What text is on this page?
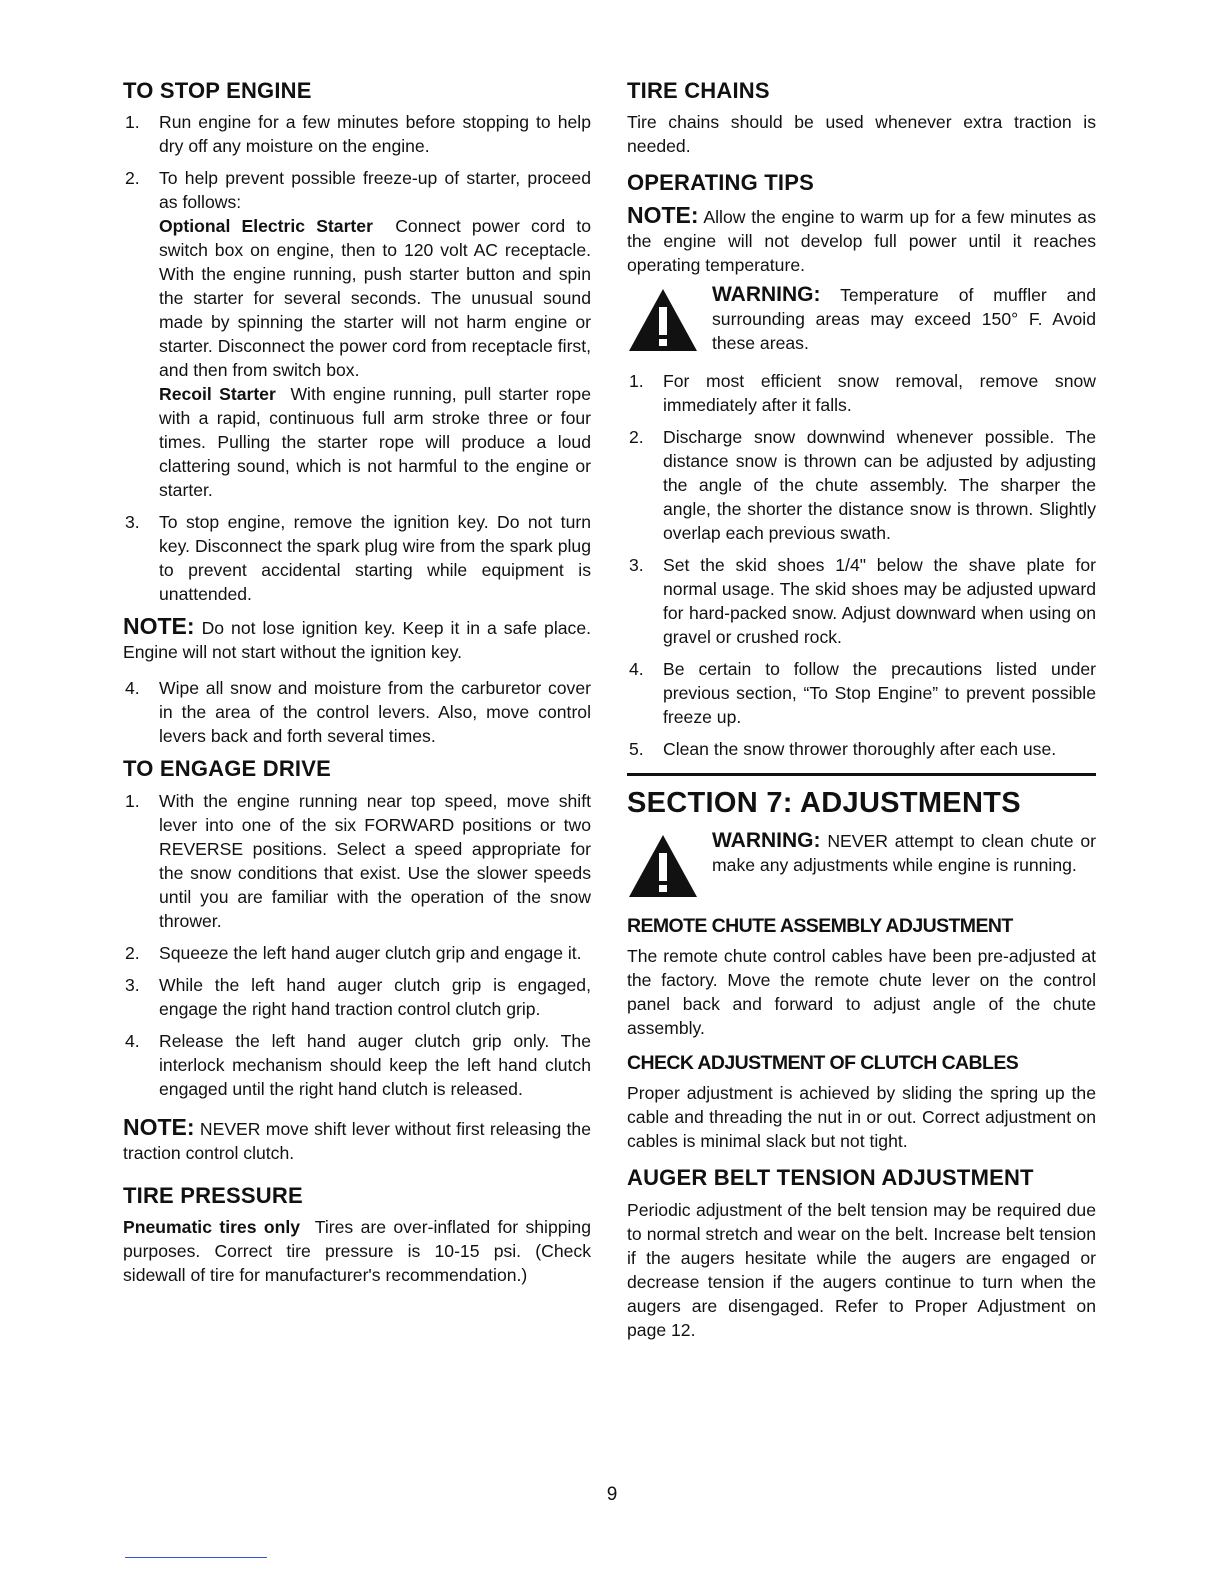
TO STOP ENGINE
1. Run engine for a few minutes before stopping to help dry off any moisture on the engine.
2. To help prevent possible freeze-up of starter, proceed as follows:
Optional Electric Starter Connect power cord to switch box on engine, then to 120 volt AC receptacle. With the engine running, push starter button and spin the starter for several seconds. The unusual sound made by spinning the starter will not harm engine or starter. Disconnect the power cord from receptacle first, and then from switch box.
Recoil Starter With engine running, pull starter rope with a rapid, continuous full arm stroke three or four times. Pulling the starter rope will produce a loud clattering sound, which is not harmful to the engine or starter.
3. To stop engine, remove the ignition key. Do not turn key. Disconnect the spark plug wire from the spark plug to prevent accidental starting while equipment is unattended.

NOTE: Do not lose ignition key. Keep it in a safe place. Engine will not start without the ignition key.

4. Wipe all snow and moisture from the carburetor cover in the area of the control levers. Also, move control levers back and forth several times.
TO ENGAGE DRIVE
1. With the engine running near top speed, move shift lever into one of the six FORWARD positions or two REVERSE positions. Select a speed appropriate for the snow conditions that exist. Use the slower speeds until you are familiar with the operation of the snow thrower.
2. Squeeze the left hand auger clutch grip and engage it.
3. While the left hand auger clutch grip is engaged, engage the right hand traction control clutch grip.
4. Release the left hand auger clutch grip only. The interlock mechanism should keep the left hand clutch engaged until the right hand clutch is released.

NOTE: NEVER move shift lever without first releasing the traction control clutch.

TIRE PRESSURE

Pneumatic tires only Tires are over-inflated for shipping purposes. Correct tire pressure is 10-15 psi. (Check sidewall of tire for manufacturer's recommendation.)

TIRE CHAINS

Tire chains should be used whenever extra traction is needed.

OPERATING TIPS

NOTE: Allow the engine to warm up for a few minutes as the engine will not develop full power until it reaches operating temperature.

WARNING: Temperature of muffler and surrounding areas may exceed 150° F. Avoid these areas.

1. For most efficient snow removal, remove snow immediately after it falls.
2. Discharge snow downwind whenever possible. The distance snow is thrown can be adjusted by adjusting the angle of the chute assembly. The sharper the angle, the shorter the distance snow is thrown. Slightly overlap each previous swath.
3. Set the skid shoes 1/4" below the shave plate for normal usage. The skid shoes may be adjusted upward for hard-packed snow. Adjust downward when using on gravel or crushed rock.
4. Be certain to follow the precautions listed under previous section, “To Stop Engine” to prevent possible freeze up.
5. Clean the snow thrower thoroughly after each use.
SECTION 7: ADJUSTMENTS

WARNING: NEVER attempt to clean chute or make any adjustments while engine is running.

REMOTE CHUTE ASSEMBLY ADJUSTMENT

The remote chute control cables have been pre-adjusted at the factory. Move the remote chute lever on the control panel back and forward to adjust angle of the chute assembly.

CHECK ADJUSTMENT OF CLUTCH CABLES

Proper adjustment is achieved by sliding the spring up the cable and threading the nut in or out. Correct adjustment on cables is minimal slack but not tight.

AUGER BELT TENSION ADJUSTMENT

Periodic adjustment of the belt tension may be required due to normal stretch and wear on the belt. Increase belt tension if the augers hesitate while the augers are engaged or decrease tension if the augers continue to turn when the augers are disengaged. Refer to Proper Adjustment on page 12.

9
